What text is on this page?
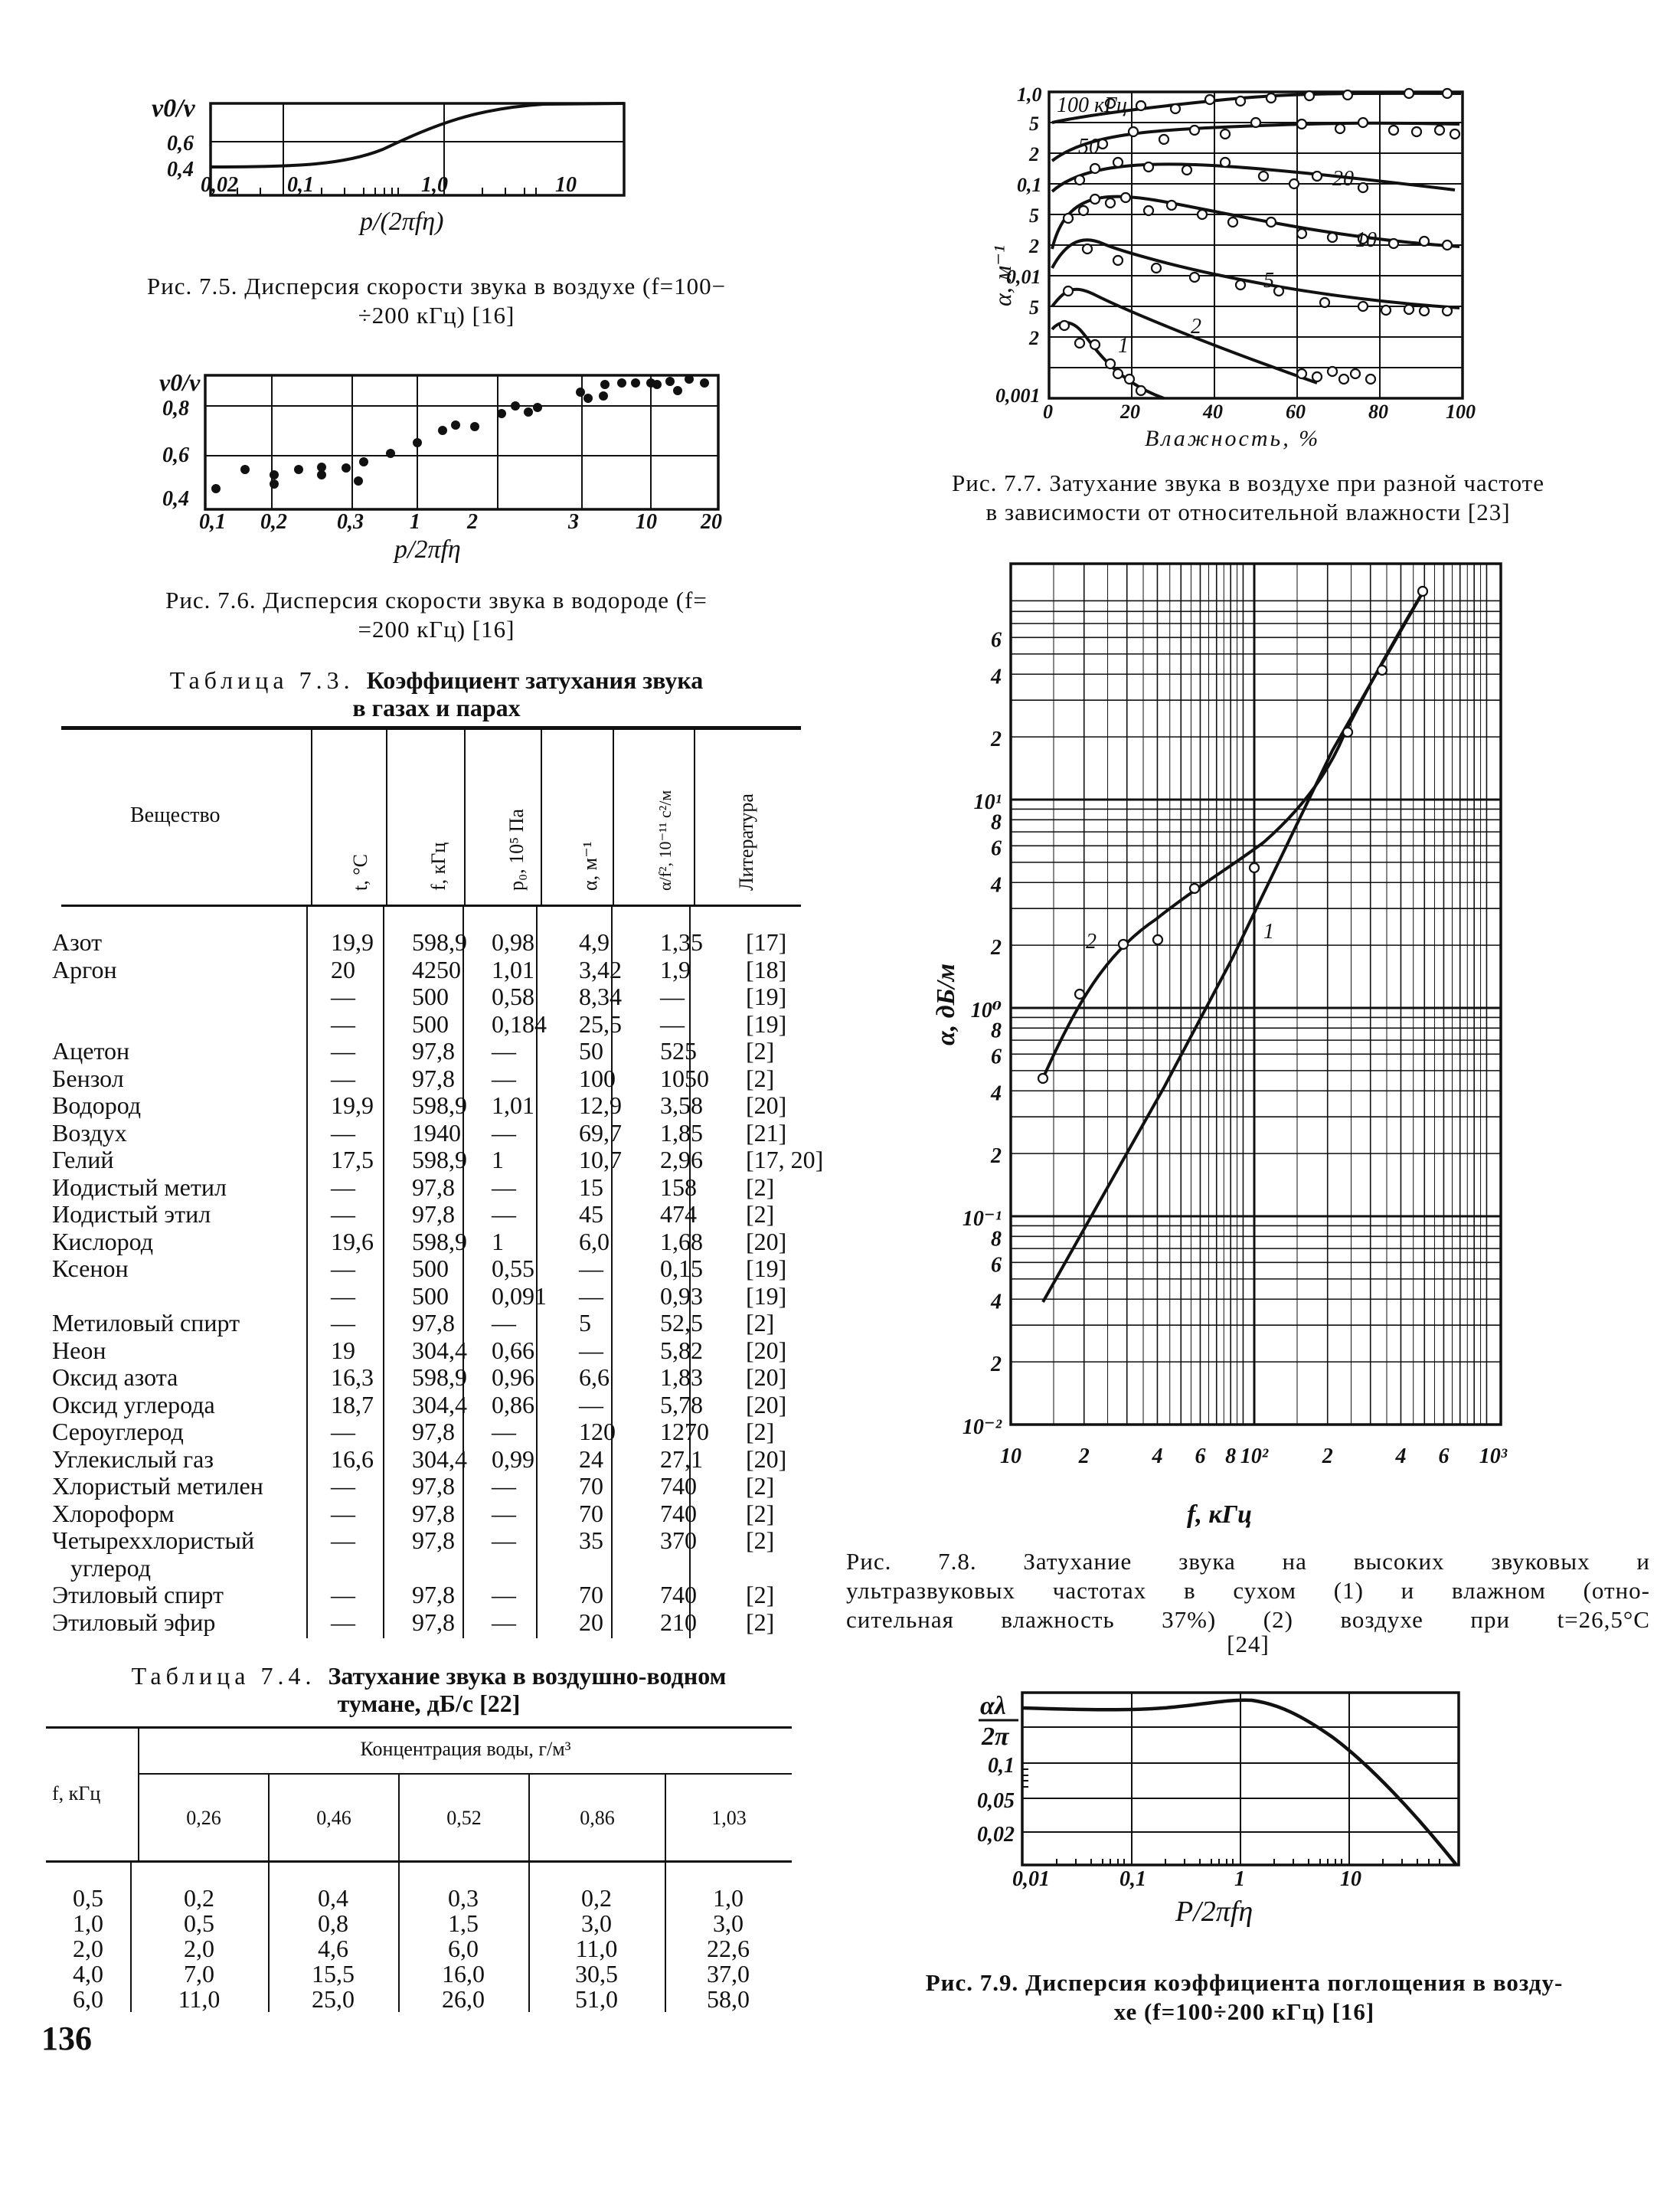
v0/v
0,6
0,4
0,02 0,1	1,0	10
p/(2πfη)
Рис. 7.5. Дисперсия скорости звука в воздухе (f=100−
÷200 кГц) [16]
v0/v
0,8
0,6
0,4
0,1 0,2 0,3 1 2	3	10 20
p/2πfη
Рис. 7.6. Дисперсия скорости звука в водороде (f=
=200 кГц) [16]
Таблица 7.3. Коэффициент затухания звука
в газах и парах
Вещество
t, °С	f, кГц	p₀, 10⁵ Па	α, м⁻¹	α/f², 10⁻¹¹ с²/м	Литература
Азот	19,9	598,9	0,98	4,9	1,35	[17]
Аргон	20	4250	1,01	3,42	1,9	[18]
	—	500	0,58	8,34	—	[19]
	—	500	0,184	25,5	—	[19]
Ацетон	—	97,8	—	50	525	[2]
Бензол	—	97,8	—	100	1050	[2]
Водород	19,9	598,9	1,01	12,9	3,58	[20]
Воздух	—	1940	—	69,7	1,85	[21]
Гелий	17,5	598,9	1	10,7	2,96	[17, 20]
Иодистый метил	—	97,8	—	15	158	[2]
Иодистый этил	—	97,8	—	45	474	[2]
Кислород	19,6	598,9	1	6,0	1,68	[20]
Ксенон	—	500	0,55	—	0,15	[19]
	—	500	0,091	—	0,93	[19]
Метиловый спирт	—	97,8	—	5	52,5	[2]
Неон	19	304,4	0,66	—	5,82	[20]
Оксид азота	16,3	598,9	0,96	6,6	1,83	[20]
Оксид углерода	18,7	304,4	0,86	—	5,78	[20]
Сероуглерод	—	97,8	—	120	1270	[2]
Углекислый газ	16,6	304,4	0,99	24	27,1	[20]
Хлористый метилен	—	97,8	—	70	740	[2]
Хлороформ	—	97,8	—	70	740	[2]
Четыреххлористый	—	97,8	—	35	370	[2]
углерод						
Этиловый спирт	—	97,8	—	70	740	[2]
Этиловый эфир	—	97,8	—	20	210	[2]
Таблица 7.4. Затухание звука в воздушно-водном
тумане, дБ/с [22]
f, кГц
Концентрация воды, г/м³
0,26	0,46	0,52	0,86	1,03
0,5	0,2	0,4	0,3	0,2	1,0
1,0	0,5	0,8	1,5	3,0	3,0
2,0	2,0	4,6	6,0	11,0	22,6
4,0	7,0	15,5	16,0	30,5	37,0
6,0	11,0	25,0	26,0	51,0	58,0
136
100 кГц
50
20
10
5
2
1
1,0
5
2
0,1
5
2
0,01
5
2
0,001
0	20	40	60	80	100
Влажность, %
α, м⁻¹
Рис. 7.7. Затухание звука в воздухе при разной частоте
в зависимости от относительной влажности [23]
1
2
6
4
2
10¹
8
6
4
2
10⁰
8
6
4
2
10⁻¹
8
6
4
2
10⁻²
10	2	4 6 8 10²	2	4 6 10³
f, кГц
α, дБ/м
Рис. 7.8. Затухание звука на высоких звуковых и
ультразвуковых частотах в сухом (1) и влажном (отно-
сительная влажность 37%) (2) воздухе при t=26,5°С
[24]
αλ
2π
0,1
0,05
0,02
0,01	0,1	1	10
P/2πfη
Рис. 7.9. Дисперсия коэффициента поглощения в возду-
хе (f=100÷200 кГц) [16]
